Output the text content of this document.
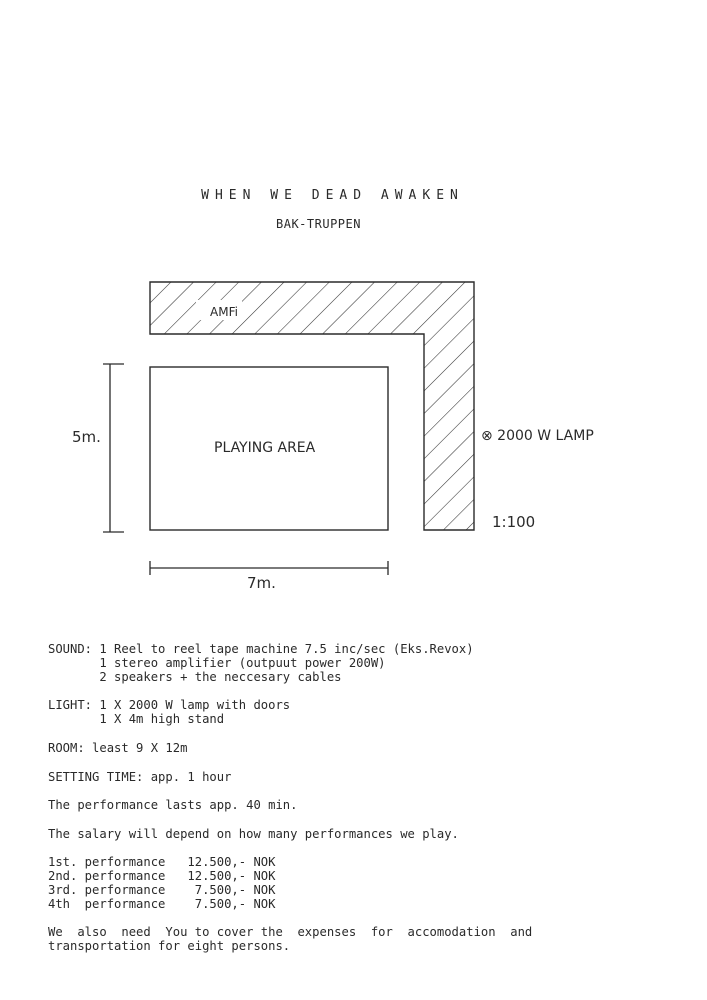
WHEN WE DEAD AWAKEN
BAK-TRUPPEN
AMFi
PLAYING AREA
5m.
7m.
⊗ 2000 W LAMP
1:100
SOUND: 1 Reel to reel tape machine 7.5 inc/sec (Eks.Revox)
1 stereo amplifier (outpuut power 200W)
2 speakers + the neccesary cables
LIGHT: 1 X 2000 W lamp with doors
1 X 4m high stand
ROOM: least 9 X 12m
SETTING TIME: app. 1 hour
The performance lasts app. 40 min.
The salary will depend on how many performances we play.
1st. performance   12.500,- NOK
2nd. performance   12.500,- NOK
3rd. performance    7.500,- NOK
4th  performance    7.500,- NOK
We  also  need  You to cover the  expenses  for  accomodation  and
transportation for eight persons.
